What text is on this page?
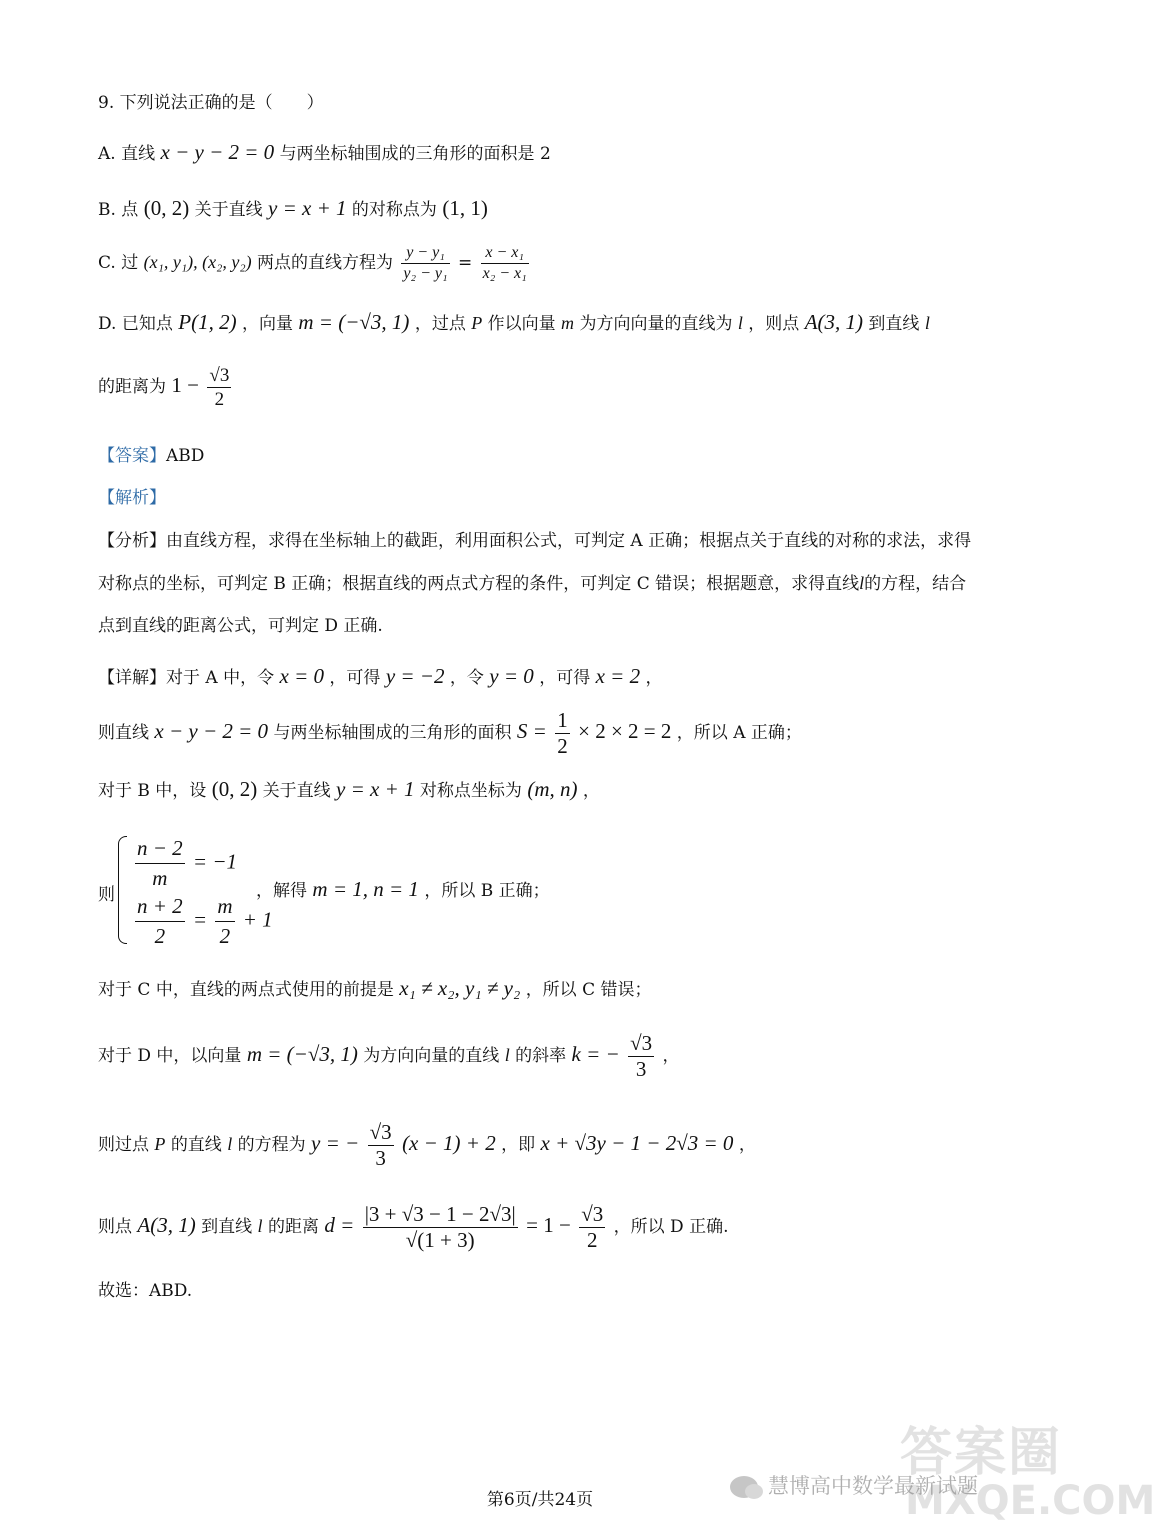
9. 下列说法正确的是（　　）
A. 直线 x − y − 2 = 0 与两坐标轴围成的三角形的面积是 2
B. 点 (0, 2) 关于直线 y = x + 1 的对称点为 (1, 1)
C. 过 (x₁, y₁), (x₂, y₂) 两点的直线方程为 $\frac{\text{y − y₁}}{\text{y₂ − y₁}} = \frac{\text{x − x₁}}{\text{x₂ − x₁}}$
D. 已知点 P(1, 2) ，向量 m = (−√3, 1) ，过点 P 作以向量 m 为方向向量的直线为 l ，则点 A(3, 1) 到直线 l
的距离为 $1 - \frac{√3}{2}$
【答案】ABD
【解析】
【分析】由直线方程，求得在坐标轴上的截距，利用面积公式，可判定 A 正确；根据点关于直线的对称的求法，求得对称点的坐标，可判定 B 正确；根据直线的两点式方程的条件，可判定 C 错误；根据题意，求得直线l的方程，结合点到直线的距离公式，可判定 D 正确.
【详解】对于 A 中，令 x = 0 ，可得 y = −2 ，令 y = 0 ，可得 x = 2 ，
则直线 x − y − 2 = 0 与两坐标轴围成的三角形的面积 $S = \frac{1}{2} \times 2 \times 2 = 2$ ，所以 A 正确；
对于 B 中，设 (0, 2) 关于直线 y = x + 1 对称点坐标为 (m, n) ，
则
$\frac{n - 2}{m} = -1$
$\frac{n + 2}{2} = \frac{m}{2} + 1$
，解得 m = 1, n = 1 ，所以 B 正确；
对于 C 中，直线的两点式使用的前提是 x₁ ≠ x₂, y₁ ≠ y₂ ，所以 C 错误；
对于 D 中，以向量 m = (−√3, 1) 为方向向量的直线 l 的斜率 k = − $\frac{√3}{3}$ ，
则过点 P 的直线 l 的方程为 y = − $\frac{√3}{3} (x - 1) + 2$ ，即 x + √3y − 1 − 2√3 = 0 ，
则点 A(3, 1) 到直线 l 的距离 $d = \frac{|3 + √3 - 1 - 2√3|}{√(1 + 3)} = 1 - \frac{√3}{2}$ ，所以 D 正确.
故选：ABD.
答案圈
MXQE.COM
慧博高中数学最新试题
第6页/共24页
